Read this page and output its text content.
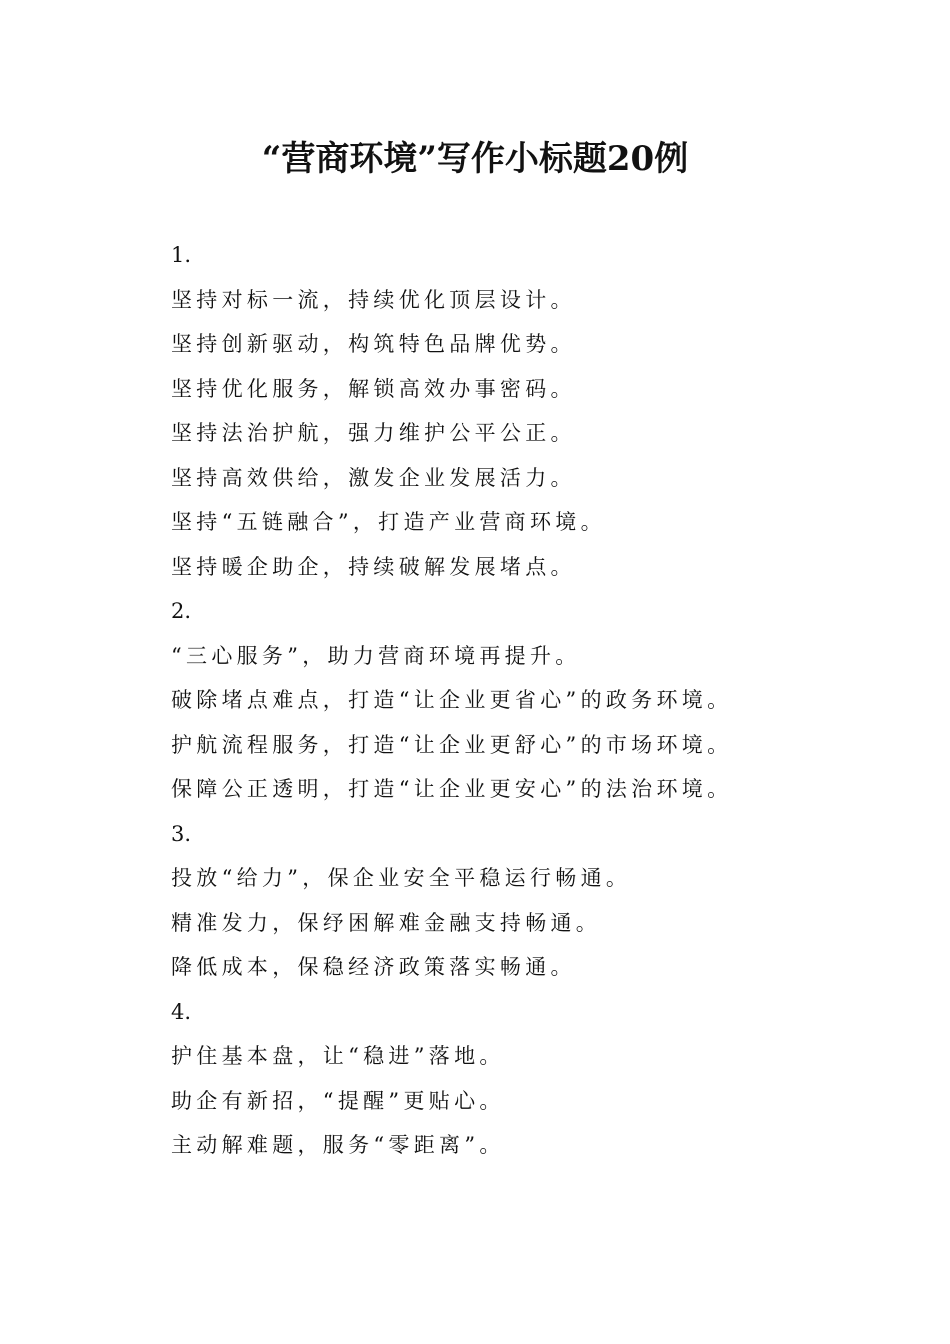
“营商环境”写作小标题20例
1.
坚持对标一流，持续优化顶层设计。
坚持创新驱动，构筑特色品牌优势。
坚持优化服务，解锁高效办事密码。
坚持法治护航，强力维护公平公正。
坚持高效供给，激发企业发展活力。
坚持“五链融合”，打造产业营商环境。
坚持暖企助企，持续破解发展堵点。
2.
“三心服务”，助力营商环境再提升。
破除堵点难点，打造“让企业更省心”的政务环境。
护航流程服务，打造“让企业更舒心”的市场环境。
保障公正透明，打造“让企业更安心”的法治环境。
3.
投放“给力”，保企业安全平稳运行畅通。
精准发力，保纾困解难金融支持畅通。
降低成本，保稳经济政策落实畅通。
4.
护住基本盘，让“稳进”落地。
助企有新招，“提醒”更贴心。
主动解难题，服务“零距离”。
